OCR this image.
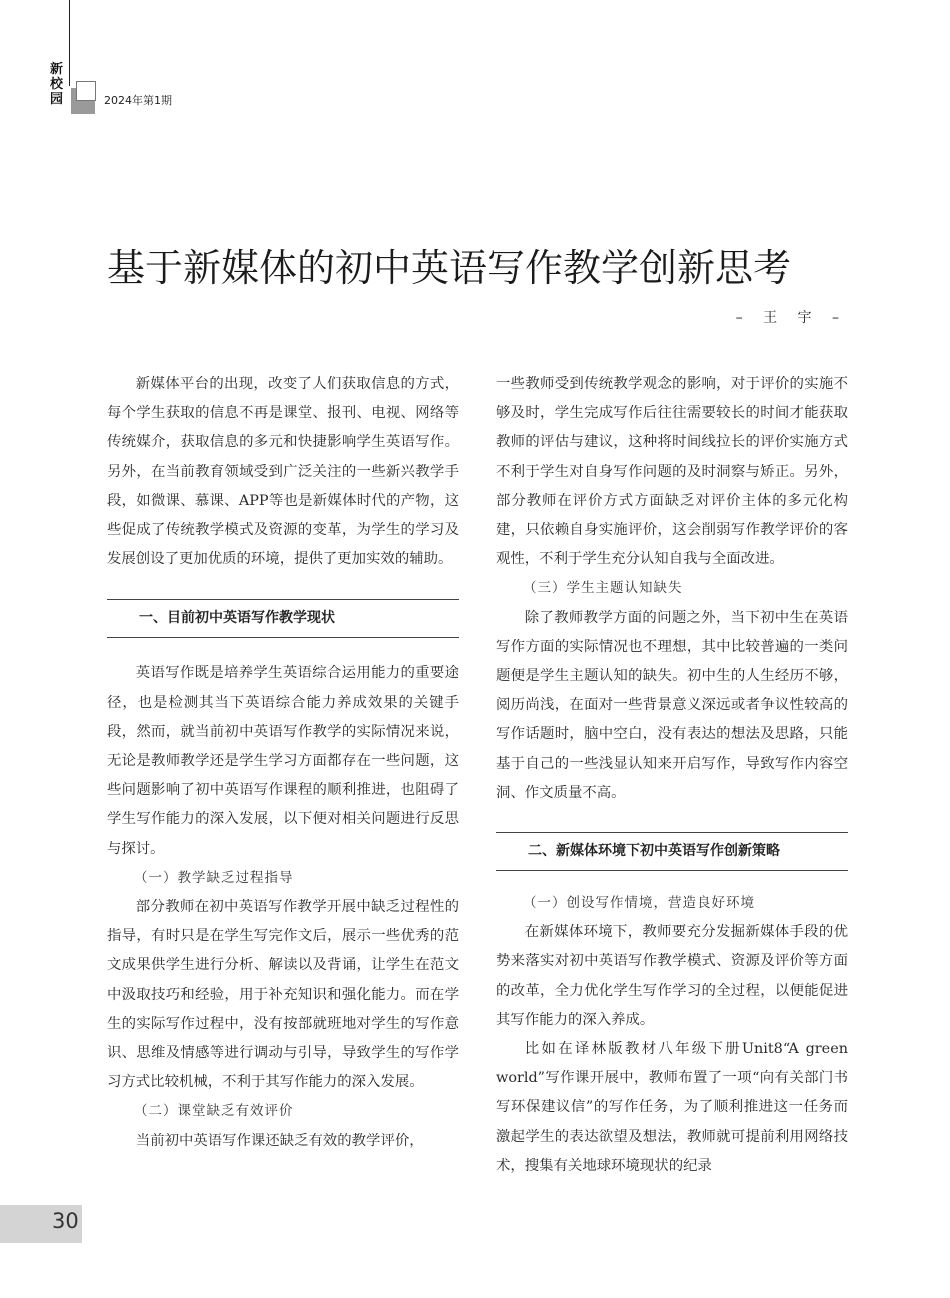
新
校
园	2024年第1期
基于新媒体的初中英语写作教学创新思考
– 王 宇 –

新媒体平台的出现，改变了人们获取信息的方式，每个学生获取的信息不再是课堂、报刊、电视、网络等传统媒介，获取信息的多元和快捷影响学生英语写作。另外，在当前教育领域受到广泛关注的一些新兴教学手段，如微课、慕课、APP等也是新媒体时代的产物，这些促成了传统教学模式及资源的变革，为学生的学习及发展创设了更加优质的环境，提供了更加实效的辅助。

一、目前初中英语写作教学现状

英语写作既是培养学生英语综合运用能力的重要途径，也是检测其当下英语综合能力养成效果的关键手段，然而，就当前初中英语写作教学的实际情况来说，无论是教师教学还是学生学习方面都存在一些问题，这些问题影响了初中英语写作课程的顺利推进，也阻碍了学生写作能力的深入发展，以下便对相关问题进行反思与探讨。

（一）教学缺乏过程指导

部分教师在初中英语写作教学开展中缺乏过程性的指导，有时只是在学生写完作文后，展示一些优秀的范文成果供学生进行分析、解读以及背诵，让学生在范文中汲取技巧和经验，用于补充知识和强化能力。而在学生的实际写作过程中，没有按部就班地对学生的写作意识、思维及情感等进行调动与引导，导致学生的写作学习方式比较机械，不利于其写作能力的深入发展。

（二）课堂缺乏有效评价

当前初中英语写作课还缺乏有效的教学评价，

一些教师受到传统教学观念的影响，对于评价的实施不够及时，学生完成写作后往往需要较长的时间才能获取教师的评估与建议，这种将时间线拉长的评价实施方式不利于学生对自身写作问题的及时洞察与矫正。另外，部分教师在评价方式方面缺乏对评价主体的多元化构建，只依赖自身实施评价，这会削弱写作教学评价的客观性，不利于学生充分认知自我与全面改进。

（三）学生主题认知缺失

除了教师教学方面的问题之外，当下初中生在英语写作方面的实际情况也不理想，其中比较普遍的一类问题便是学生主题认知的缺失。初中生的人生经历不够，阅历尚浅，在面对一些背景意义深远或者争议性较高的写作话题时，脑中空白，没有表达的想法及思路，只能基于自己的一些浅显认知来开启写作，导致写作内容空洞、作文质量不高。

二、新媒体环境下初中英语写作创新策略
（一）创设写作情境，营造良好环境

在新媒体环境下，教师要充分发掘新媒体手段的优势来落实对初中英语写作教学模式、资源及评价等方面的改革，全力优化学生写作学习的全过程，以便能促进其写作能力的深入养成。

比如在译林版教材八年级下册Unit8“A green world”写作课开展中，教师布置了一项“向有关部门书写环保建议信”的写作任务，为了顺利推进这一任务而激起学生的表达欲望及想法，教师就可提前利用网络技术，搜集有关地球环境现状的纪录

30
